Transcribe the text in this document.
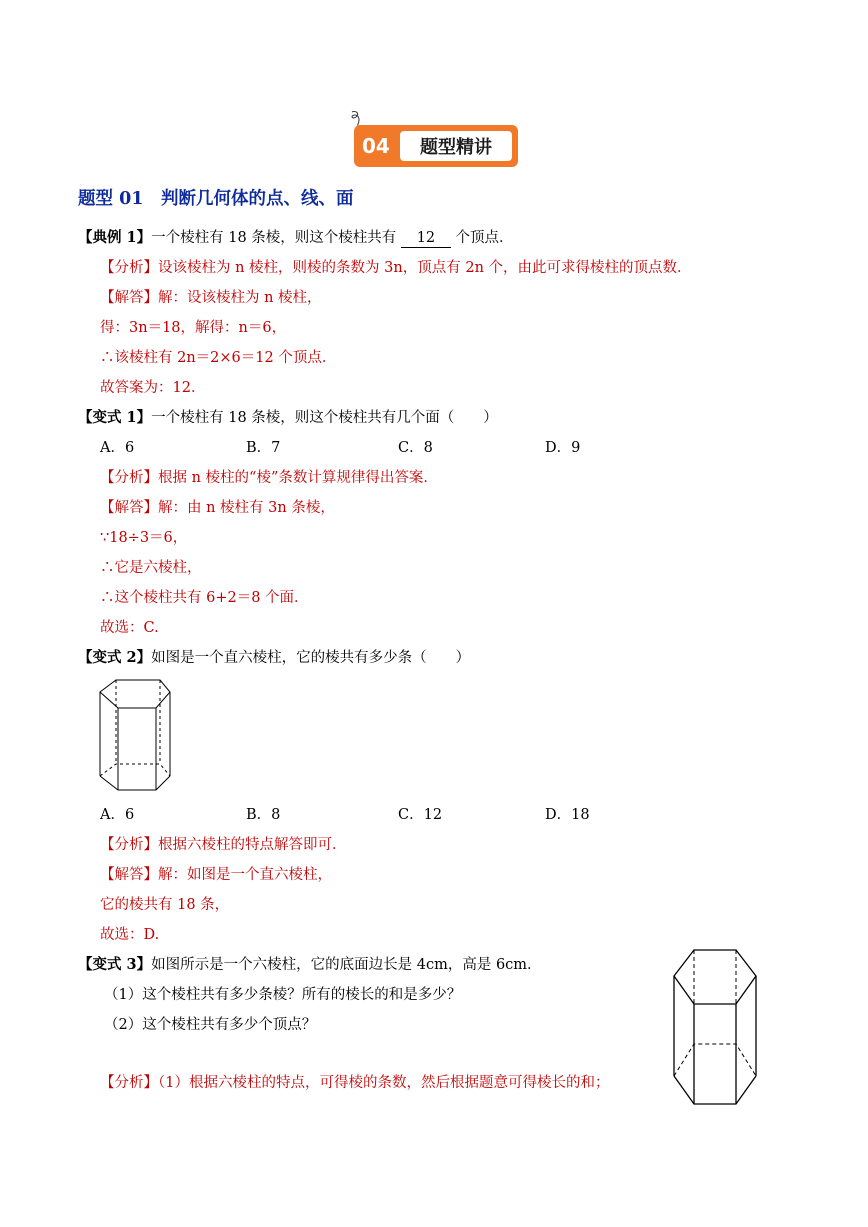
04 题型精讲
题型 01　判断几何体的点、线、面
【典例 1】一个棱柱有 18 条棱，则这个棱柱共有 12 个顶点．
【分析】设该棱柱为 n 棱柱，则棱的条数为 3n，顶点有 2n 个，由此可求得棱柱的顶点数．
【解答】解：设该棱柱为 n 棱柱，
得：3n＝18，解得：n＝6，
∴该棱柱有 2n＝2×6＝12 个顶点．
故答案为：12．
【变式 1】一个棱柱有 18 条棱，则这个棱柱共有几个面（　　）
A．6	B．7	C．8	D．9
【分析】根据 n 棱柱的“棱”条数计算规律得出答案．
【解答】解：由 n 棱柱有 3n 条棱，
∵18÷3＝6，
∴它是六棱柱，
∴这个棱柱共有 6+2＝8 个面．
故选：C.
【变式 2】如图是一个直六棱柱，它的棱共有多少条（　　）
A．6	B．8	C．12	D．18
【分析】根据六棱柱的特点解答即可．
【解答】解：如图是一个直六棱柱，
它的棱共有 18 条，
故选：D.
【变式 3】如图所示是一个六棱柱，它的底面边长是 4cm，高是 6cm．
（1）这个棱柱共有多少条棱？所有的棱长的和是多少？
（2）这个棱柱共有多少个顶点？
【分析】（1）根据六棱柱的特点，可得棱的条数，然后根据题意可得棱长的和；
